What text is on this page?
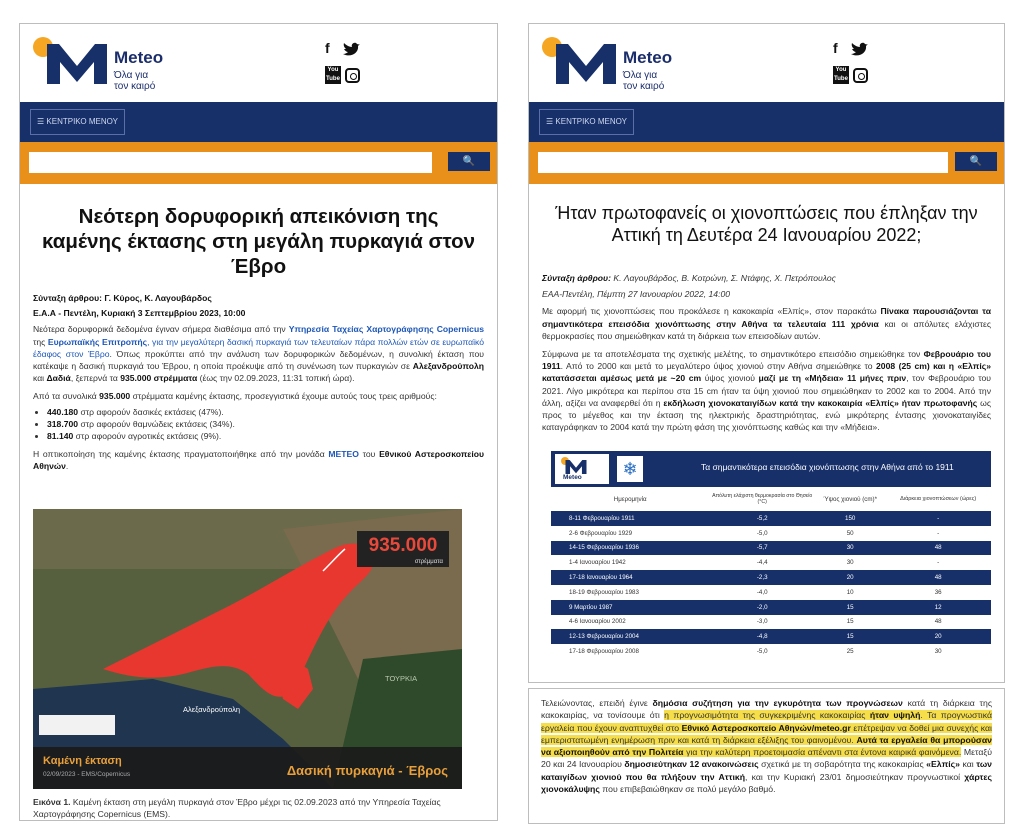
Meteo
Όλα για
τον καιρό
f
You
Tube
☰ ΚΕΝΤΡΙΚΟ ΜΕΝΟΥ
🔍
Νεότερη δορυφορική απεικόνιση της καμένης έκτασης στη μεγάλη πυρκαγιά στον Έβρο

Σύνταξη άρθρου: Γ. Κύρος, Κ. Λαγουβάρδος

Ε.Α.Α - Πεντέλη, Κυριακή 3 Σεπτεμβρίου 2023, 10:00

Νεότερα δορυφορικά δεδομένα έγιναν σήμερα διαθέσιμα από την Υπηρεσία Ταχείας Χαρτογράφησης Copernicus της Ευρωπαϊκής Επιτροπής, για την μεγαλύτερη δασική πυρκαγιά των τελευταίων πάρα πολλών ετών σε ευρωπαϊκό έδαφος στον Έβρο. Όπως προκύπτει από την ανάλυση των δορυφορικών δεδομένων, η συνολική έκταση που κατέκαψε η δασική πυρκαγιά του Έβρου, η οποία προέκυψε από τη συνένωση των πυρκαγιών σε Αλεξανδρούπολη και Δαδιά, ξεπερνά τα 935.000 στρέμματα (έως την 02.09.2023, 11:31 τοπική ώρα).

Από τα συνολικά 935.000 στρέμματα καμένης έκτασης, προσεγγιστικά έχουμε αυτούς τους τρεις αριθμούς:

• 440.180 στρ αφορούν δασικές εκτάσεις (47%).
• 318.700 στρ αφορούν θαμνώδεις εκτάσεις (34%).
• 81.140 στρ αφορούν αγροτικές εκτάσεις (9%).

Η οπτικοποίηση της καμένης έκτασης πραγματοποιήθηκε από την μονάδα METEO του Εθνικού Αστεροσκοπείου Αθηνών.

935.000
στρέμματα
Αλεξανδρούπολη
ΤΟΥΡΚΙΑ
Καμένη έκταση
02/09/2023 - EMS/Copernicus	Δασική πυρκαγιά - Έβρος
Εικόνα 1. Καμένη έκταση στη μεγάλη πυρκαγιά στον Έβρο μέχρι τις 02.09.2023 από την Υπηρεσία Ταχείας Χαρτογράφησης Copernicus (EMS).
Meteo
Όλα για
τον καιρό
f
You
Tube
☰ ΚΕΝΤΡΙΚΟ ΜΕΝΟΥ
🔍
Ήταν πρωτοφανείς οι χιονοπτώσεις που έπληξαν την Αττική τη Δευτέρα 24 Ιανουαρίου 2022;

Σύνταξη άρθρου: Κ. Λαγουβάρδος, Β. Κοτρώνη, Σ. Ντάφης, Χ. Πετρόπουλος

ΕΑΑ-Πεντέλη, Πέμπτη 27 Ιανουαρίου 2022, 14:00

Με αφορμή τις χιονοπτώσεις που προκάλεσε η κακοκαιρία «Ελπίς», στον παρακάτω Πίνακα παρουσιάζονται τα σημαντικότερα επεισόδια χιονόπτωσης στην Αθήνα τα τελευταία 111 χρόνια και οι απόλυτες ελάχιστες θερμοκρασίες που σημειώθηκαν κατά τη διάρκεια των επεισοδίων αυτών.

Σύμφωνα με τα αποτελέσματα της σχετικής μελέτης, το σημαντικότερο επεισόδιο σημειώθηκε τον Φεβρουάριο του 1911. Από το 2000 και μετά το μεγαλύτερο ύψος χιονιού στην Αθήνα σημειώθηκε το 2008 (25 cm) και η «Ελπίς» κατατάσσεται αμέσως μετά με ~20 cm ύψος χιονιού μαζί με τη «Μήδεια» 11 μήνες πριν, τον Φεβρουάριο του 2021. Λίγο μικρότερα και περίπου στα 15 cm ήταν τα ύψη χιονιού που σημειώθηκαν το 2002 και το 2004. Από την άλλη, αξίζει να αναφερθεί ότι η εκδήλωση χιονοκαταιγίδων κατά την κακοκαιρία «Ελπίς» ήταν πρωτοφανής ως προς το μέγεθος και την έκταση της ηλεκτρικής δραστηριότητας, ενώ μικρότερης έντασης χιονοκαταιγίδες καταγράφηκαν το 2004 κατά την πρώτη φάση της χιονόπτωσης καθώς και την «Μήδεια».

Meteo	❄	Τα σημαντικότερα επεισόδια χιονόπτωσης στην Αθήνα από το 1911
Ημερομηνία	Απόλυτη ελάχιστη θερμοκρασία στο Θησείο (°C)	Ύψος χιονιού (cm)*	Διάρκεια χιονοπτώσεων (ώρες)
8-11 Φεβρουαρίου 1911	-5,2	150	-
2-6 Φεβρουαρίου 1929	-5,0	50	-
14-15 Φεβρουαρίου 1936	-5,7	30	48
1-4 Ιανουαρίου 1942	-4,4	30	-
17-18 Ιανουαρίου 1964	-2,3	20	48
18-19 Φεβρουαρίου 1983	-4,0	10	36
9 Μαρτίου 1987	-2,0	15	12
4-6 Ιανουαρίου 2002	-3,0	15	48
12-13 Φεβρουαρίου 2004	-4,8	15	20
17-18 Φεβρουαρίου 2008	-5,0	25	30
Τελειώνοντας, επειδή έγινε δημόσια συζήτηση για την εγκυρότητα των προγνώσεων κατά τη διάρκεια της κακοκαιρίας, να τονίσουμε ότι η προγνωσιμότητα της συγκεκριμένης κακοκαιρίας ήταν υψηλή. Τα προγνωστικά εργαλεία που έχουν αναπτυχθεί στο Εθνικό Αστεροσκοπείο Αθηνών/meteo.gr επέτρεψαν να δοθεί μια συνεχής και εμπεριστατωμένη ενημέρωση πριν και κατά τη διάρκεια εξέλιξης του φαινομένου. Αυτά τα εργαλεία θα μπορούσαν να αξιοποιηθούν από την Πολιτεία για την καλύτερη προετοιμασία απέναντι στα έντονα καιρικά φαινόμενα. Μεταξύ 20 και 24 Ιανουαρίου δημοσιεύτηκαν 12 ανακοινώσεις σχετικά με τη σοβαρότητα της κακοκαιρίας «Ελπίς» και των καταιγίδων χιονιού που θα πλήξουν την Αττική, και την Κυριακή 23/01 δημοσιεύτηκαν προγνωστικοί χάρτες χιονοκάλυψης που επιβεβαιώθηκαν σε πολύ μεγάλο βαθμό.
